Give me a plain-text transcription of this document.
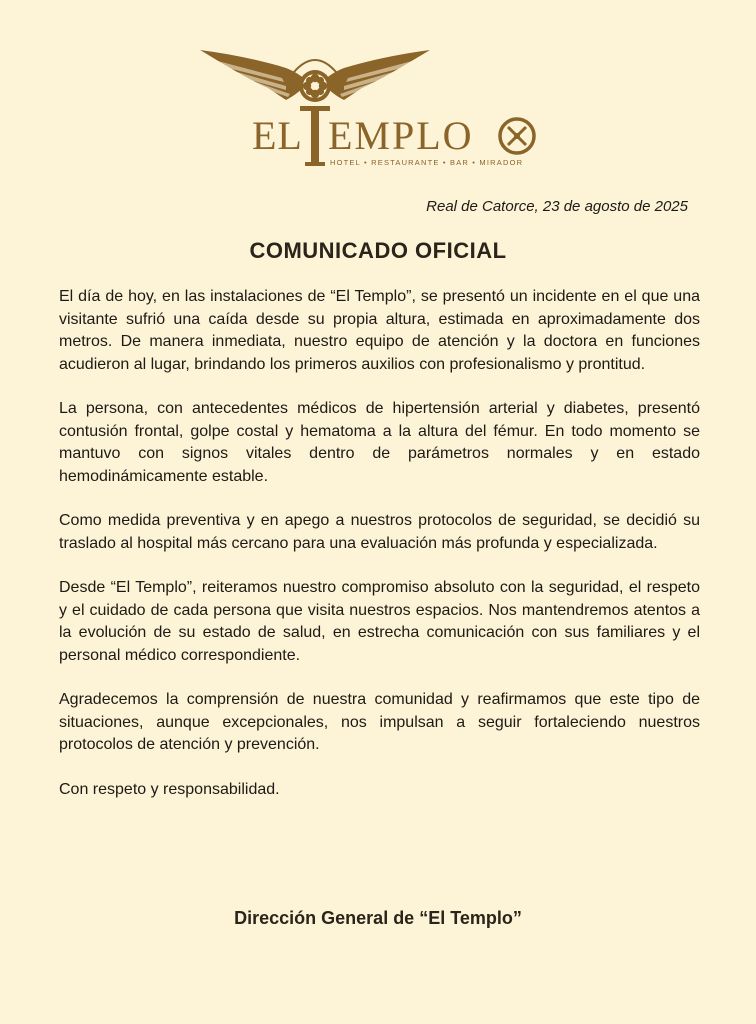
EL EMPLO
HOTEL • RESTAURANTE • BAR • MIRADOR
Real de Catorce, 23 de agosto de 2025
COMUNICADO OFICIAL

El día de hoy, en las instalaciones de “El Templo”, se presentó un incidente en el que una visitante sufrió una caída desde su propia altura, estimada en aproximadamente dos metros. De manera inmediata, nuestro equipo de atención y la doctora en funciones acudieron al lugar, brindando los primeros auxilios con profesionalismo y prontitud.

La persona, con antecedentes médicos de hipertensión arterial y diabetes, presentó contusión frontal, golpe costal y hematoma a la altura del fémur. En todo momento se mantuvo con signos vitales dentro de parámetros normales y en estado hemodinámicamente estable.

Como medida preventiva y en apego a nuestros protocolos de seguridad, se decidió su traslado al hospital más cercano para una evaluación más profunda y especializada.

Desde “El Templo”, reiteramos nuestro compromiso absoluto con la seguridad, el respeto y el cuidado de cada persona que visita nuestros espacios. Nos mantendremos atentos a la evolución de su estado de salud, en estrecha comunicación con sus familiares y el personal médico correspondiente.

Agradecemos la comprensión de nuestra comunidad y reafirmamos que este tipo de situaciones, aunque excepcionales, nos impulsan a seguir fortaleciendo nuestros protocolos de atención y prevención.

Con respeto y responsabilidad.

Dirección General de “El Templo”
